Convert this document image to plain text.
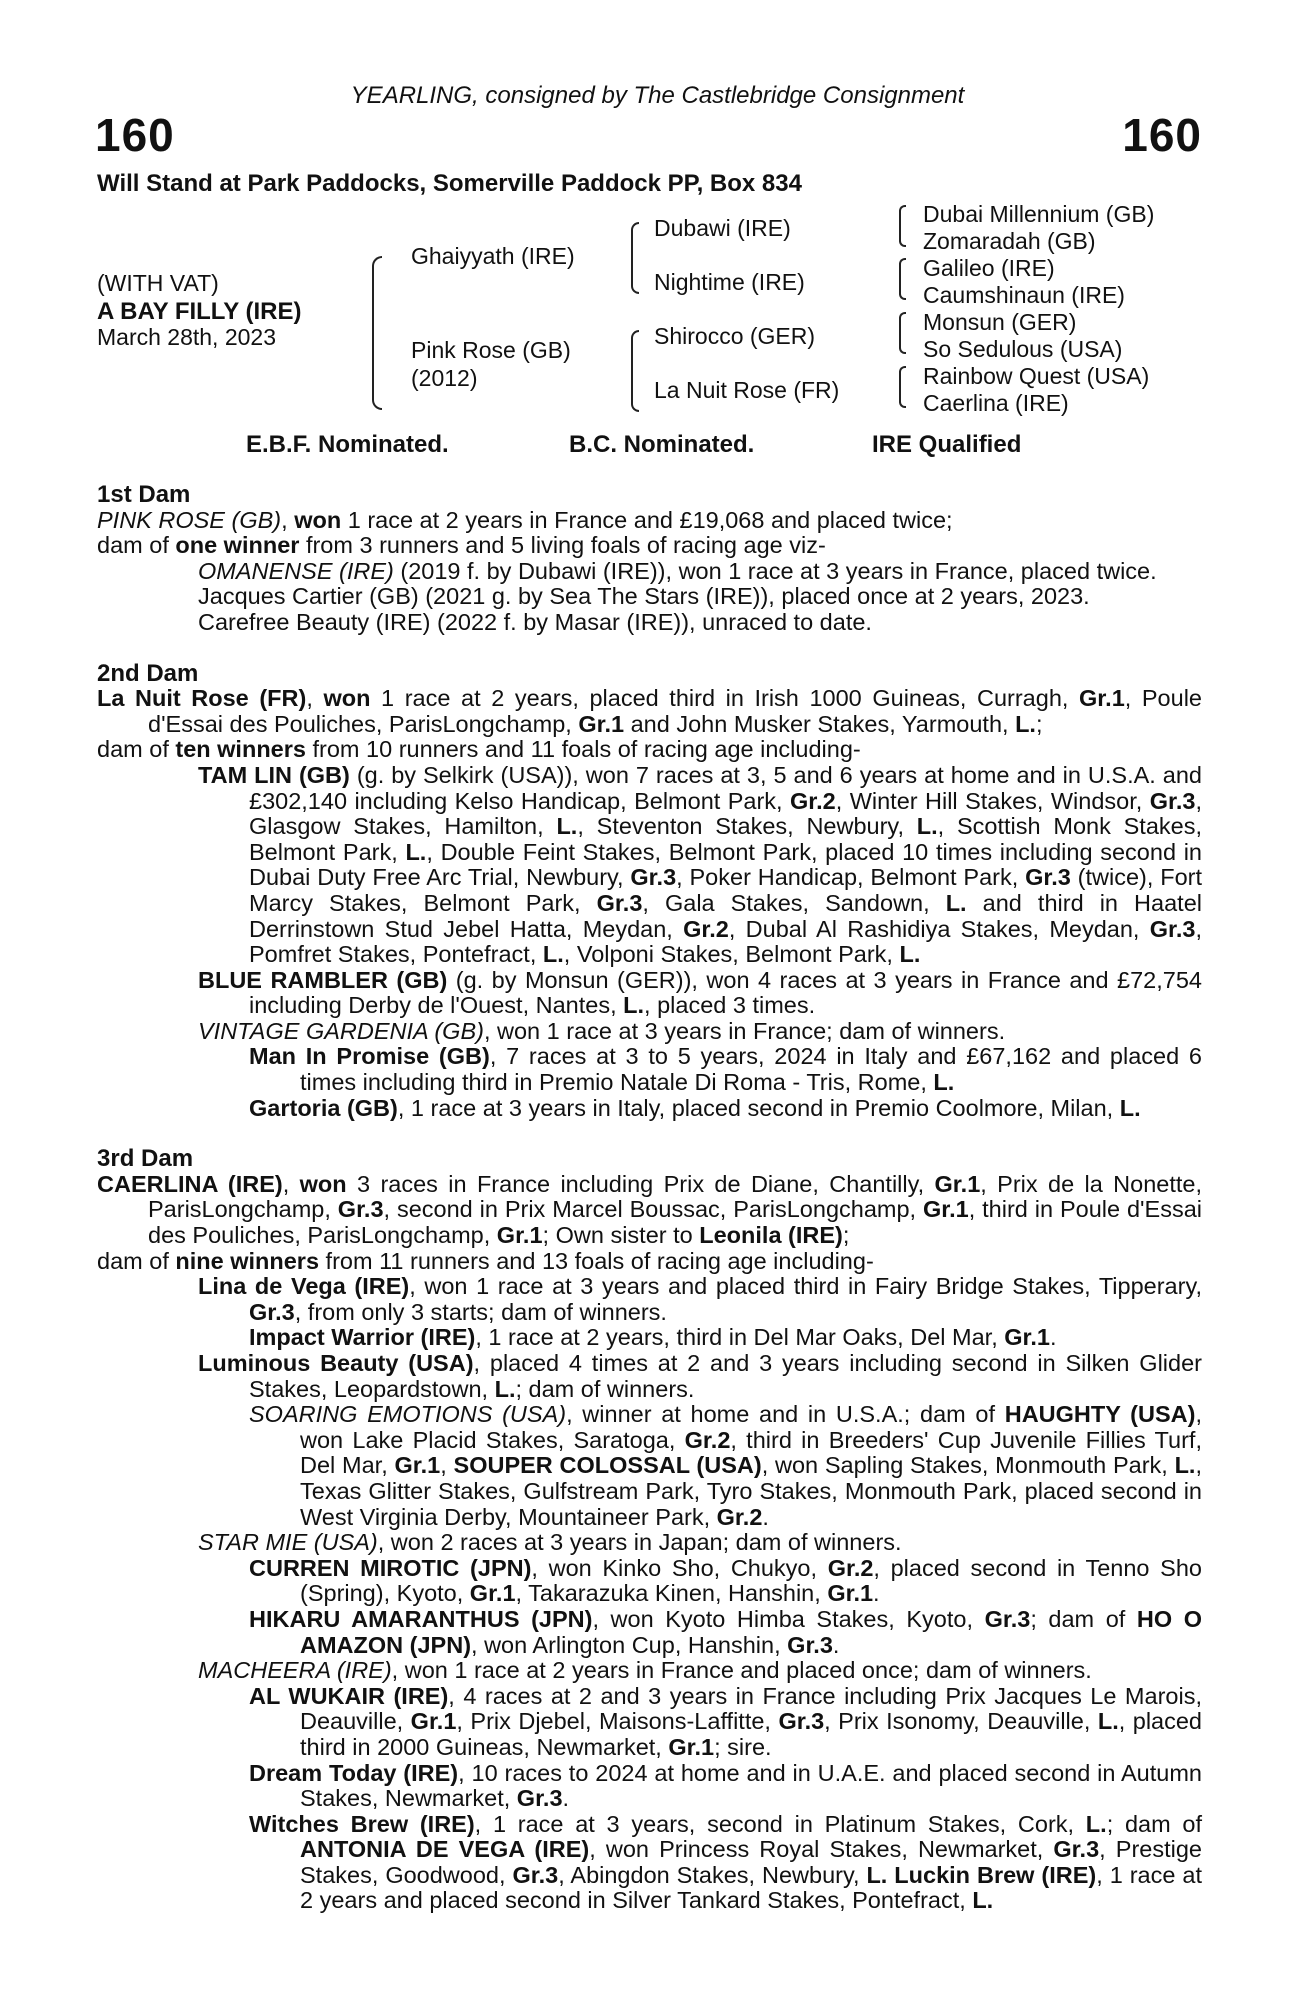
YEARLING, consigned by The Castlebridge Consignment
160	160
Will Stand at Park Paddocks, Somerville Paddock PP, Box 834
(WITH VAT)
A BAY FILLY (IRE)
March 28th, 2023
Ghaiyyath (IRE)
Pink Rose (GB)
(2012)
Dubawi (IRE)
Nightime (IRE)
Shirocco (GER)
La Nuit Rose (FR)
Dubai Millennium (GB)
Zomaradah (GB)
Galileo (IRE)
Caumshinaun (IRE)
Monsun (GER)
So Sedulous (USA)
Rainbow Quest (USA)
Caerlina (IRE)
E.B.F. Nominated.	B.C. Nominated.	IRE Qualified
1st Dam

PINK ROSE (GB), won 1 race at 2 years in France and £19,068 and placed twice;

dam of one winner from 3 runners and 5 living foals of racing age viz-

OMANENSE (IRE) (2019 f. by Dubawi (IRE)), won 1 race at 3 years in France, placed twice.

Jacques Cartier (GB) (2021 g. by Sea The Stars (IRE)), placed once at 2 years, 2023.

Carefree Beauty (IRE) (2022 f. by Masar (IRE)), unraced to date.

2nd Dam

La Nuit Rose (FR), won 1 race at 2 years, placed third in Irish 1000 Guineas, Curragh, Gr.1, Poule d'Essai des Pouliches, ParisLongchamp, Gr.1 and John Musker Stakes, Yarmouth, L.;

dam of ten winners from 10 runners and 11 foals of racing age including-

TAM LIN (GB) (g. by Selkirk (USA)), won 7 races at 3, 5 and 6 years at home and in U.S.A. and £302,140 including Kelso Handicap, Belmont Park, Gr.2, Winter Hill Stakes, Windsor, Gr.3, Glasgow Stakes, Hamilton, L., Steventon Stakes, Newbury, L., Scottish Monk Stakes, Belmont Park, L., Double Feint Stakes, Belmont Park, placed 10 times including second in Dubai Duty Free Arc Trial, Newbury, Gr.3, Poker Handicap, Belmont Park, Gr.3 (twice), Fort Marcy Stakes, Belmont Park, Gr.3, Gala Stakes, Sandown, L. and third in Haatel Derrinstown Stud Jebel Hatta, Meydan, Gr.2, Dubal Al Rashidiya Stakes, Meydan, Gr.3, Pomfret Stakes, Pontefract, L., Volponi Stakes, Belmont Park, L.

BLUE RAMBLER (GB) (g. by Monsun (GER)), won 4 races at 3 years in France and £72,754 including Derby de l'Ouest, Nantes, L., placed 3 times.

VINTAGE GARDENIA (GB), won 1 race at 3 years in France; dam of winners.

Man In Promise (GB), 7 races at 3 to 5 years, 2024 in Italy and £67,162 and placed 6 times including third in Premio Natale Di Roma - Tris, Rome, L.

Gartoria (GB), 1 race at 3 years in Italy, placed second in Premio Coolmore, Milan, L.

3rd Dam

CAERLINA (IRE), won 3 races in France including Prix de Diane, Chantilly, Gr.1, Prix de la Nonette, ParisLongchamp, Gr.3, second in Prix Marcel Boussac, ParisLongchamp, Gr.1, third in Poule d'Essai des Pouliches, ParisLongchamp, Gr.1; Own sister to Leonila (IRE);

dam of nine winners from 11 runners and 13 foals of racing age including-

Lina de Vega (IRE), won 1 race at 3 years and placed third in Fairy Bridge Stakes, Tipperary, Gr.3, from only 3 starts; dam of winners.

Impact Warrior (IRE), 1 race at 2 years, third in Del Mar Oaks, Del Mar, Gr.1.

Luminous Beauty (USA), placed 4 times at 2 and 3 years including second in Silken Glider Stakes, Leopardstown, L.; dam of winners.

SOARING EMOTIONS (USA), winner at home and in U.S.A.; dam of HAUGHTY (USA), won Lake Placid Stakes, Saratoga, Gr.2, third in Breeders' Cup Juvenile Fillies Turf, Del Mar, Gr.1, SOUPER COLOSSAL (USA), won Sapling Stakes, Monmouth Park, L., Texas Glitter Stakes, Gulfstream Park, Tyro Stakes, Monmouth Park, placed second in West Virginia Derby, Mountaineer Park, Gr.2.

STAR MIE (USA), won 2 races at 3 years in Japan; dam of winners.

CURREN MIROTIC (JPN), won Kinko Sho, Chukyo, Gr.2, placed second in Tenno Sho (Spring), Kyoto, Gr.1, Takarazuka Kinen, Hanshin, Gr.1.

HIKARU AMARANTHUS (JPN), won Kyoto Himba Stakes, Kyoto, Gr.3; dam of HO O AMAZON (JPN), won Arlington Cup, Hanshin, Gr.3.

MACHEERA (IRE), won 1 race at 2 years in France and placed once; dam of winners.

AL WUKAIR (IRE), 4 races at 2 and 3 years in France including Prix Jacques Le Marois, Deauville, Gr.1, Prix Djebel, Maisons-Laffitte, Gr.3, Prix Isonomy, Deauville, L., placed third in 2000 Guineas, Newmarket, Gr.1; sire.

Dream Today (IRE), 10 races to 2024 at home and in U.A.E. and placed second in Autumn Stakes, Newmarket, Gr.3.

Witches Brew (IRE), 1 race at 3 years, second in Platinum Stakes, Cork, L.; dam of ANTONIA DE VEGA (IRE), won Princess Royal Stakes, Newmarket, Gr.3, Prestige Stakes, Goodwood, Gr.3, Abingdon Stakes, Newbury, L. Luckin Brew (IRE), 1 race at 2 years and placed second in Silver Tankard Stakes, Pontefract, L.
